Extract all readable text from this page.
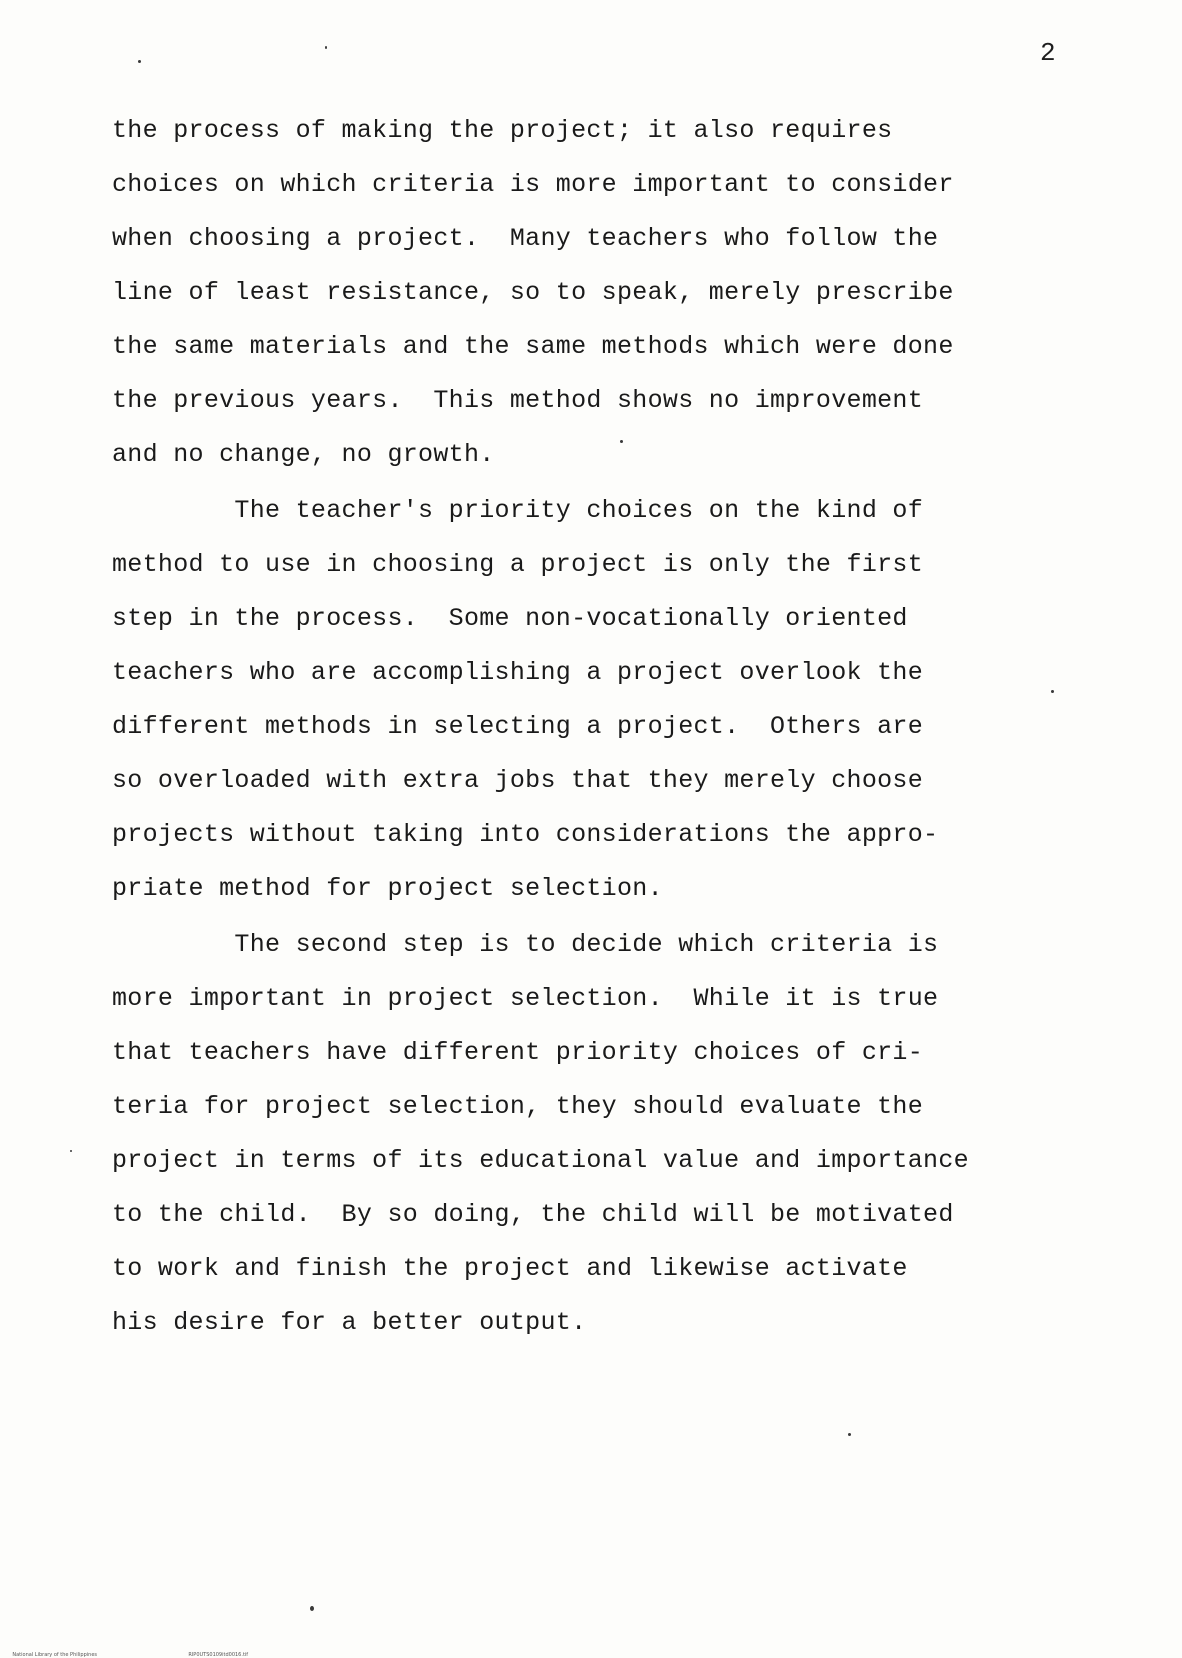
2
the process of making the project; it also requires
choices on which criteria is more important to consider
when choosing a project.  Many teachers who follow the
line of least resistance, so to speak, merely prescribe
the same materials and the same methods which were done
the previous years.  This method shows no improvement
and no change, no growth.
The teacher's priority choices on the kind of
method to use in choosing a project is only the first
step in the process.  Some non-vocationally oriented
teachers who are accomplishing a project overlook the
different methods in selecting a project.  Others are
so overloaded with extra jobs that they merely choose
projects without taking into considerations the appro-
priate method for project selection.
The second step is to decide which criteria is
more important in project selection.  While it is true
that teachers have different priority choices of cri-
teria for project selection, they should evaluate the
project in terms of its educational value and importance
to the child.  By so doing, the child will be motivated
to work and finish the project and likewise activate
his desire for a better output.

National Library of the Philippines
	RIP0UTS0109itd0016.tif
